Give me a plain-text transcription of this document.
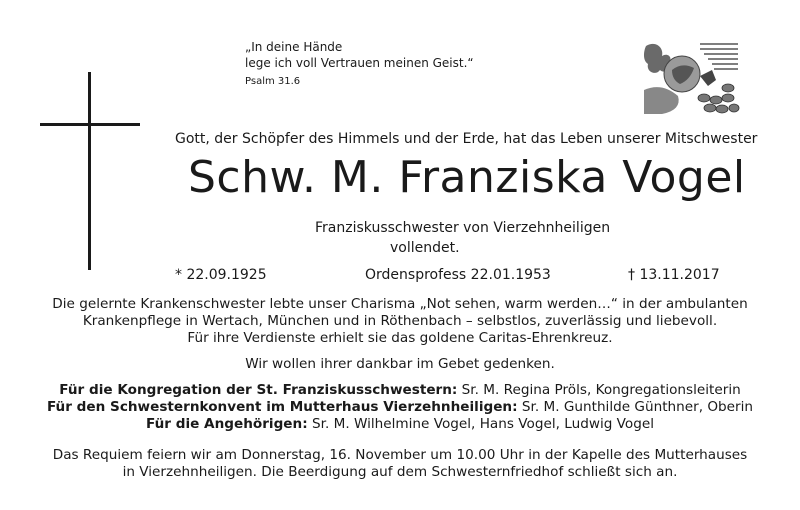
„In deine Hände
lege ich voll Vertrauen meinen Geist.“
Psalm 31.6
Gott, der Schöpfer des Himmels und der Erde, hat das Leben unserer Mitschwester
Schw. M. Franziska Vogel
Franziskusschwester von Vierzehnheiligen
vollendet.
* 22.09.1925	Ordensprofess 22.01.1953	† 13.11.2017
Die gelernte Krankenschwester lebte unser Charisma „Not sehen, warm werden…“ in der ambulanten
Krankenpflege in Wertach, München und in Röthenbach – selbstlos, zuverlässig und liebevoll.
Für ihre Verdienste erhielt sie das goldene Caritas-Ehrenkreuz.
Wir wollen ihrer dankbar im Gebet gedenken.
Für die Kongregation der St. Franziskusschwestern: Sr. M. Regina Pröls, Kongregationsleiterin
Für den Schwesternkonvent im Mutterhaus Vierzehnheiligen: Sr. M. Gunthilde Günthner, Oberin
Für die Angehörigen: Sr. M. Wilhelmine Vogel, Hans Vogel, Ludwig Vogel
Das Requiem feiern wir am Donnerstag, 16. November um 10.00 Uhr in der Kapelle des Mutterhauses
in Vierzehnheiligen. Die Beerdigung auf dem Schwesternfriedhof schließt sich an.
